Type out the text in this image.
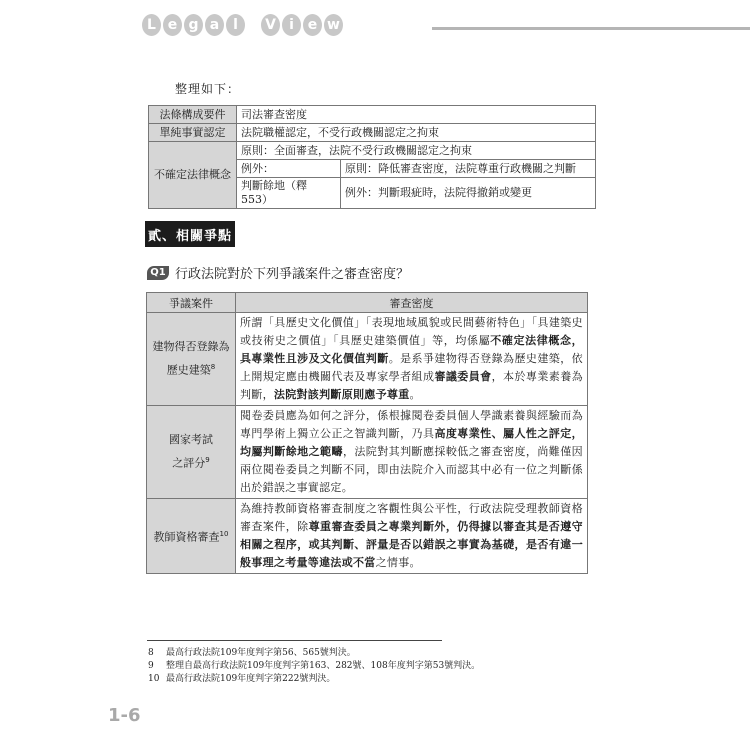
L e g a l	V i e w
整理如下：
法條構成要件	司法審查密度	
單純事實認定	法院職權認定，不受行政機關認定之拘束	
不確定法律概念	原則：全面審查，法院不受行政機關認定之拘束	
	例外：	原則：降低審查密度，法院尊重行政機關之判斷
	判斷餘地（釋 553）	例外：判斷瑕疵時，法院得撤銷或變更
貳、相關爭點
Q1 行政法院對於下列爭議案件之審查密度？
爭議案件	審查密度
建物得否登錄為
歷史建築$^8$	所謂「具歷史文化價值」「表現地域風貌或民間藝術特色」「具建築史或技術史之價值」「具歷史建築價值」等，均係屬不確定法律概念，具專業性且涉及文化價值判斷。是系爭建物得否登錄為歷史建築，依上開規定應由機關代表及專家學者組成審議委員會，本於專業素養為判斷，法院對該判斷原則應予尊重。
國家考試
之評分$^9$	閱卷委員應為如何之評分，係根據閱卷委員個人學識素養與經驗而為專門學術上獨立公正之智識判斷，乃具高度專業性、屬人性之評定，均屬判斷餘地之範疇，法院對其判斷應採較低之審查密度，尚難僅因兩位閱卷委員之判斷不同，即由法院介入而認其中必有一位之判斷係出於錯誤之事實認定。
教師資格審查$^{10}$	為維持教師資格審查制度之客觀性與公平性，行政法院受理教師資格審查案件，除尊重審查委員之專業判斷外，仍得據以審查其是否遵守相關之程序，或其判斷、評量是否以錯誤之事實為基礎，是否有違一般事理之考量等違法或不當之情事。
8 最高行政法院109年度判字第56、565號判決。
9 整理自最高行政法院109年度判字第163、282號、108年度判字第53號判決。
10 最高行政法院109年度判字第222號判決。
1-6
